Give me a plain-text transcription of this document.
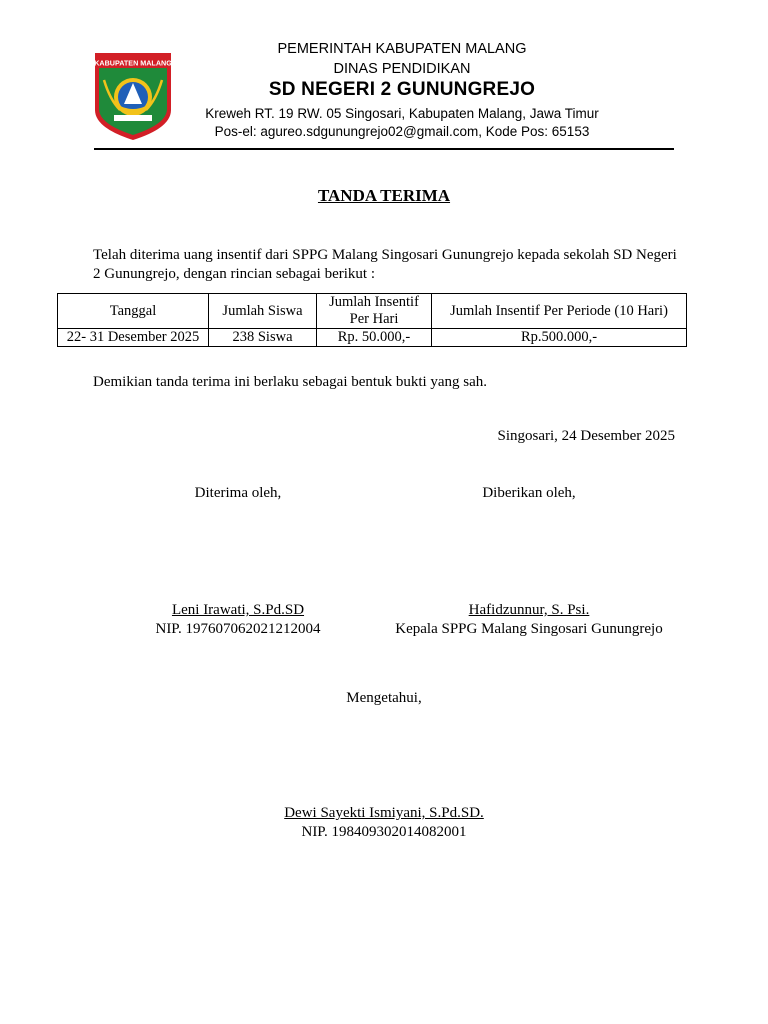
KABUPATEN MALANG
PEMERINTAH KABUPATEN MALANG
DINAS PENDIDIKAN
SD NEGERI 2 GUNUNGREJO
Kreweh RT. 19 RW. 05 Singosari, Kabupaten Malang, Jawa Timur
Pos-el: agureo.sdgunungrejo02@gmail.com, Kode Pos: 65153
TANDA TERIMA
Telah diterima uang insentif dari SPPG Malang Singosari Gunungrejo kepada sekolah SD Negeri 2 Gunungrejo, dengan rincian sebagai berikut :
Tanggal	Jumlah Siswa	Jumlah Insentif Per Hari	Jumlah Insentif Per Periode (10 Hari)
22- 31 Desember 2025	238 Siswa	Rp. 50.000,-	Rp.500.000,-
Demikian tanda terima ini berlaku sebagai bentuk bukti yang sah.
Singosari, 24 Desember 2025
Diterima oleh,	Diberikan oleh,
Leni Irawati, S.Pd.SD
NIP. 197607062021212004
Hafidzunnur, S. Psi.
Kepala SPPG Malang Singosari Gunungrejo
Mengetahui,
Dewi Sayekti Ismiyani, S.Pd.SD.
NIP. 198409302014082001
